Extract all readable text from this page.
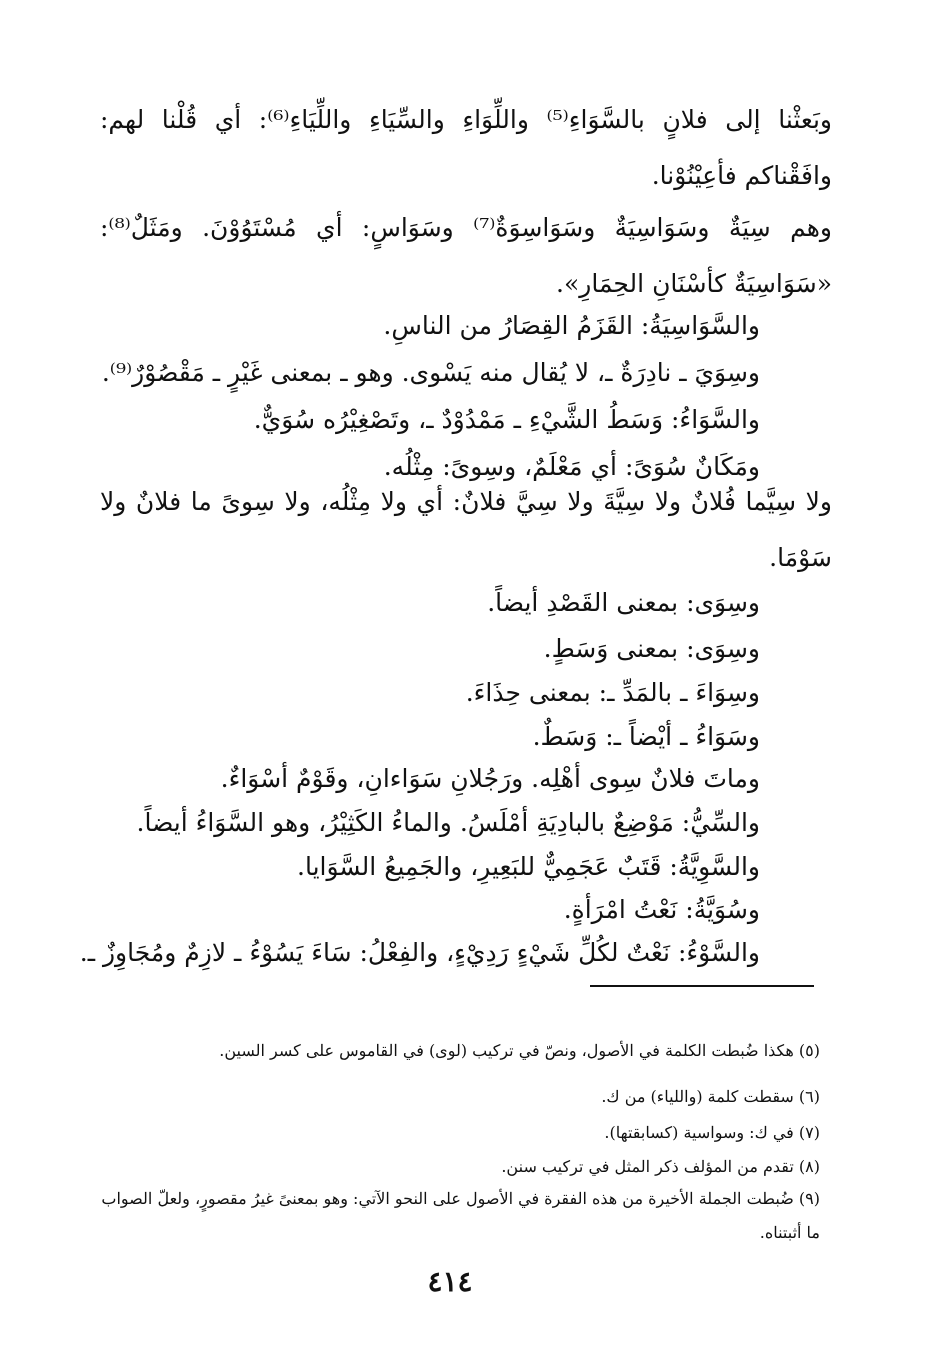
وبَعثْنا إلى فلانٍ بالسَّوَاءِ⁽⁵⁾ واللِّوَاءِ والسِّيَاءِ واللِّيَاءِ⁽⁶⁾: أي قُلْنا لهم: وافَقْناكم فأعِيْنُوْنا.
وهم سِيَةٌ وسَوَاسِيَةٌ وسَوَاسِوَةٌ⁽⁷⁾ وسَوَاسٍ: أي مُسْتَوُوْنَ. ومَثَلٌ⁽⁸⁾: «سَوَاسِيَةٌ كأسْنَانِ الحِمَارِ».
والسَّوَاسِيَةُ: القَزَمُ القِصَارُ من الناسِ.
وسِوَيَ ـ نادِرَةٌ ـ، لا يُقال منه يَسْوى. وهو ـ بمعنى غَيْرٍ ـ مَقْصُوْرٌ⁽⁹⁾.
والسَّوَاءُ: وَسَطُ الشَّيْءِ ـ مَمْدُوْدٌ ـ، وتَصْغِيْرُه سُوَيٌّ.
ومَكَانٌ سُوَىً: أي مَعْلَمٌ، وسِوىً: مِثْلُه.
ولا سِيَّما فُلانٌ ولا سِيَّةَ ولا سِيَّ فلانٌ: أي ولا مِثْلُه، ولا سِوىً ما فلانٌ ولا سَوْمَا.
وسِوَى: بمعنى القَصْدِ أيضاً.
وسِوَى: بمعنى وَسَطٍ.
وسِوَاءَ ـ بالمَدِّ ـ: بمعنى حِذَاءَ.
وسَوَاءُ ـ أيْضاً ـ: وَسَطٌ.
وماتَ فلانٌ سِوى أهْلِه. ورَجُلانِ سَوَاءانِ، وقَوْمٌ أسْوَاءٌ.
والسِّيُّ: مَوْضِعٌ بالبادِيَةِ أمْلَسُ. والماءُ الكَثِيْرُ، وهو السَّوَاءُ أيضاً.
والسَّوِيَّةُ: قَتَبٌ عَجَمِيٌّ للبَعِيرِ، والجَمِيعُ السَّوَايا.
وسُوَيَّةُ: نَعْتُ امْرَأةٍ.
والسَّوْءُ: نَعْتٌ لكُلِّ شَيْءٍ رَدِيْءٍ، والفِعْلُ: سَاءَ يَسُوْءُ ـ لازِمٌ ومُجَاوِزٌ ـ.
(٥) هكذا ضُبطت الكلمة في الأصول، ونصّ في تركيب (لوى) في القاموس على كسر السين.
(٦) سقطت كلمة (واللياء) من ك.
(٧) في ك: وسواسية (كسابقتها).
(٨) تقدم من المؤلف ذكر المثل في تركيب سنن.
(٩) ضُبطت الجملة الأخيرة من هذه الفقرة في الأصول على النحو الآتي: وهو بمعنىً غيرُ مقصورٍ، ولعلّ الصواب ما أثبتناه.
٤١٤
